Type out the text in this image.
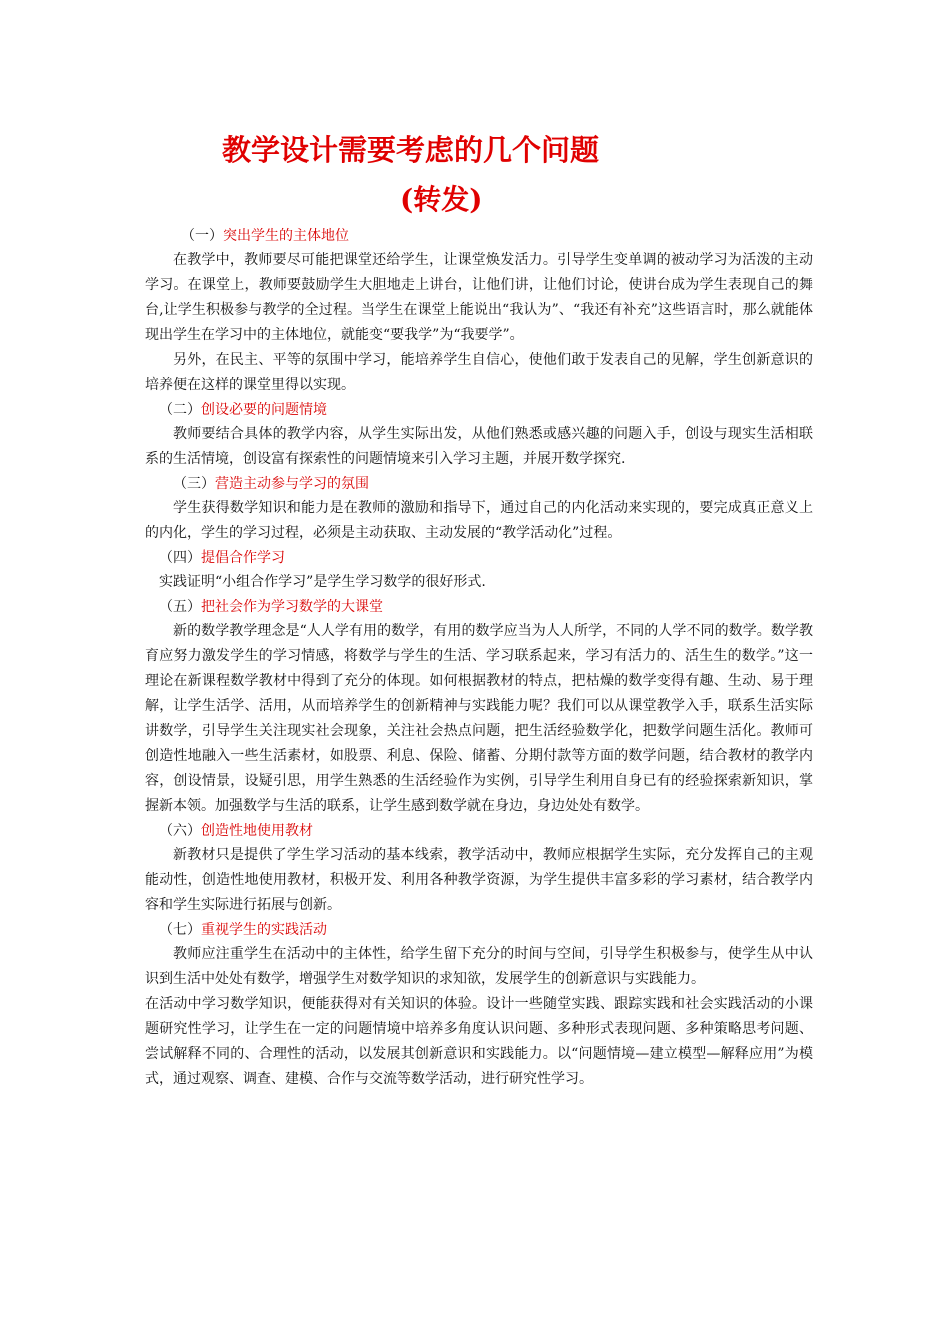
教学设计需要考虑的几个问题
(转发)

（一）突出学生的主体地位

在教学中，教师要尽可能把课堂还给学生，让课堂焕发活力。引导学生变单调的被动学习为活泼的主动学习。在课堂上，教师要鼓励学生大胆地走上讲台，让他们讲，让他们讨论，使讲台成为学生表现自己的舞台,让学生积极参与教学的全过程。当学生在课堂上能说出“我认为”、“我还有补充”这些语言时，那么就能体现出学生在学习中的主体地位，就能变“要我学”为“我要学”。

另外，在民主、平等的氛围中学习，能培养学生自信心，使他们敢于发表自己的见解，学生创新意识的培养便在这样的课堂里得以实现。

（二）创设必要的问题情境

教师要结合具体的教学内容，从学生实际出发，从他们熟悉或感兴趣的问题入手，创设与现实生活相联系的生活情境，创设富有探索性的问题情境来引入学习主题，并展开数学探究.

（三）营造主动参与学习的氛围

学生获得数学知识和能力是在教师的激励和指导下，通过自己的内化活动来实现的，要完成真正意义上的内化，学生的学习过程，必须是主动获取、主动发展的“教学活动化”过程。

（四）提倡合作学习

实践证明“小组合作学习”是学生学习数学的很好形式.

（五）把社会作为学习数学的大课堂

新的数学教学理念是“人人学有用的数学，有用的数学应当为人人所学，不同的人学不同的数学。数学教育应努力激发学生的学习情感，将数学与学生的生活、学习联系起来，学习有活力的、活生生的数学。”这一理论在新课程数学教材中得到了充分的体现。如何根据教材的特点，把枯燥的数学变得有趣、生动、易于理解，让学生活学、活用，从而培养学生的创新精神与实践能力呢？我们可以从课堂教学入手，联系生活实际讲数学，引导学生关注现实社会现象，关注社会热点问题，把生活经验数学化，把数学问题生活化。教师可创造性地融入一些生活素材，如股票、利息、保险、储蓄、分期付款等方面的数学问题，结合教材的教学内容，创设情景，设疑引思，用学生熟悉的生活经验作为实例，引导学生利用自身已有的经验探索新知识，掌握新本领。加强数学与生活的联系，让学生感到数学就在身边，身边处处有数学。

（六）创造性地使用教材

新教材只是提供了学生学习活动的基本线索，教学活动中，教师应根据学生实际，充分发挥自己的主观能动性，创造性地使用教材，积极开发、利用各种教学资源，为学生提供丰富多彩的学习素材，结合教学内容和学生实际进行拓展与创新。

（七）重视学生的实践活动

教师应注重学生在活动中的主体性，给学生留下充分的时间与空间，引导学生积极参与，使学生从中认识到生活中处处有数学，增强学生对数学知识的求知欲，发展学生的创新意识与实践能力。

在活动中学习数学知识，便能获得对有关知识的体验。设计一些随堂实践、跟踪实践和社会实践活动的小课题研究性学习，让学生在一定的问题情境中培养多角度认识问题、多种形式表现问题、多种策略思考问题、尝试解释不同的、合理性的活动，以发展其创新意识和实践能力。以“问题情境—建立模型—解释应用”为模式，通过观察、调查、建模、合作与交流等数学活动，进行研究性学习。
